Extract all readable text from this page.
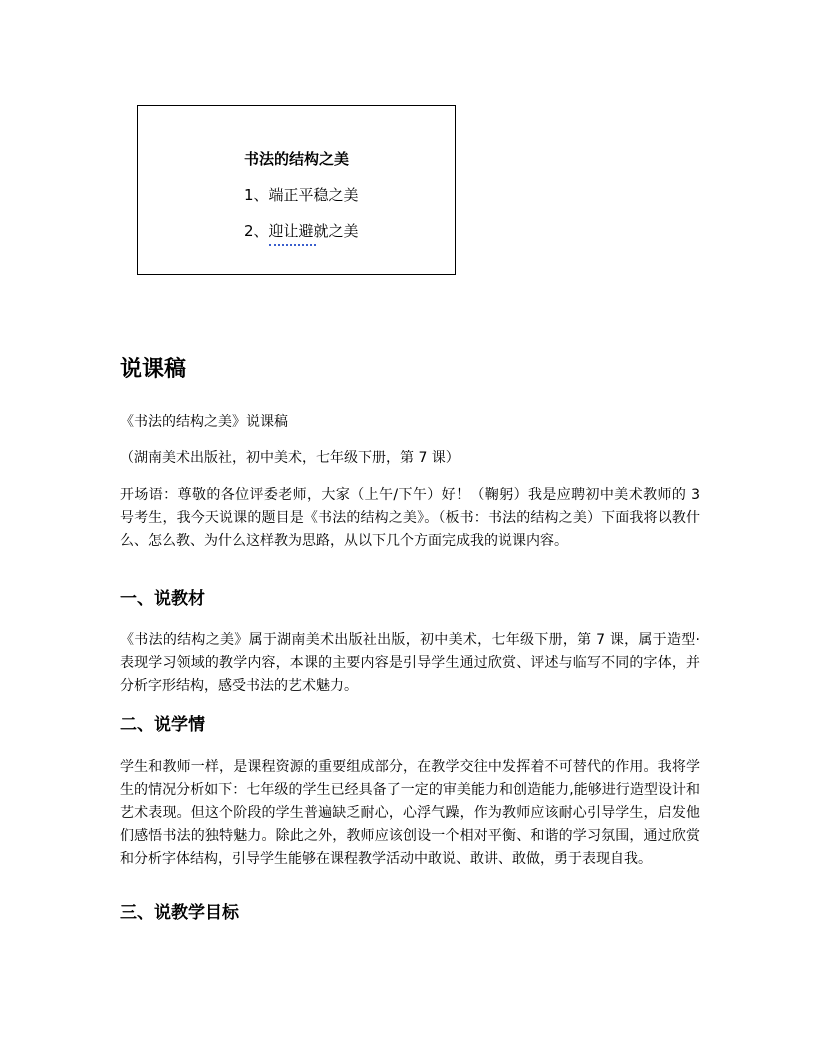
书法的结构之美
1、端正平稳之美
2、迎让避就之美
说课稿
《书法的结构之美》说课稿
（湖南美术出版社，初中美术，七年级下册，第 7 课）
开场语：尊敬的各位评委老师，大家（上午/下午）好！（鞠躬）我是应聘初中美术教师的 3 号考生，我今天说课的题目是《书法的结构之美》。（板书：书法的结构之美）下面我将以教什么、怎么教、为什么这样教为思路，从以下几个方面完成我的说课内容。
一、说教材
《书法的结构之美》属于湖南美术出版社出版，初中美术，七年级下册，第 7 课，属于造型·表现学习领域的教学内容，本课的主要内容是引导学生通过欣赏、评述与临写不同的字体，并分析字形结构，感受书法的艺术魅力。
二、说学情
学生和教师一样，是课程资源的重要组成部分，在教学交往中发挥着不可替代的作用。我将学生的情况分析如下：七年级的学生已经具备了一定的审美能力和创造能力,能够进行造型设计和艺术表现。但这个阶段的学生普遍缺乏耐心，心浮气躁，作为教师应该耐心引导学生，启发他们感悟书法的独特魅力。除此之外，教师应该创设一个相对平衡、和谐的学习氛围，通过欣赏和分析字体结构，引导学生能够在课程教学活动中敢说、敢讲、敢做，勇于表现自我。
三、说教学目标
